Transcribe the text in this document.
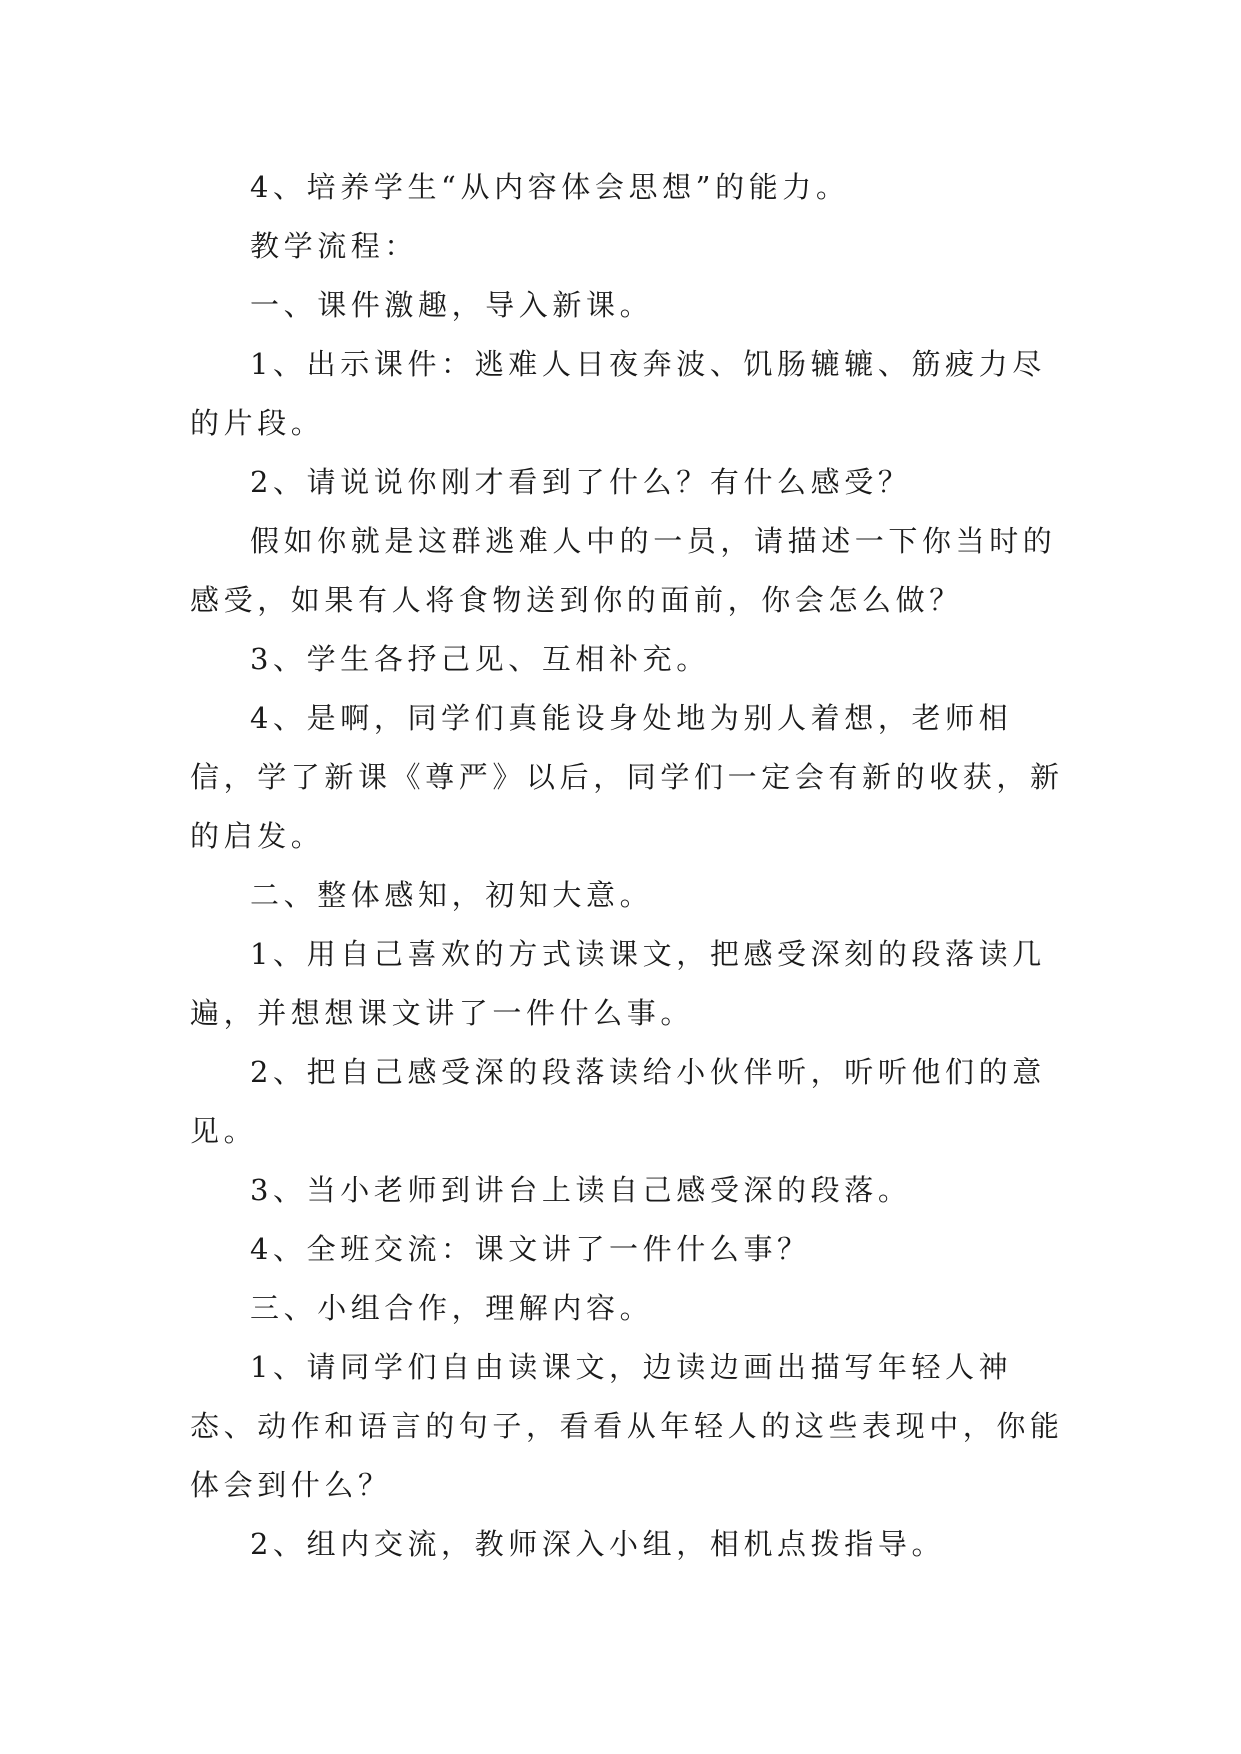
4、培养学生“从内容体会思想”的能力。

教学流程：

一、课件激趣，导入新课。

1、出示课件：逃难人日夜奔波、饥肠辘辘、筋疲力尽的片段。

2、请说说你刚才看到了什么？有什么感受？

假如你就是这群逃难人中的一员，请描述一下你当时的感受，如果有人将食物送到你的面前，你会怎么做？

3、学生各抒己见、互相补充。

4、是啊，同学们真能设身处地为别人着想，老师相信，学了新课《尊严》以后，同学们一定会有新的收获，新的启发。

二、整体感知，初知大意。

1、用自己喜欢的方式读课文，把感受深刻的段落读几遍，并想想课文讲了一件什么事。

2、把自己感受深的段落读给小伙伴听，听听他们的意见。

3、当小老师到讲台上读自己感受深的段落。

4、全班交流：课文讲了一件什么事？

三、小组合作，理解内容。

1、请同学们自由读课文，边读边画出描写年轻人神态、动作和语言的句子，看看从年轻人的这些表现中，你能体会到什么？

2、组内交流，教师深入小组，相机点拨指导。
